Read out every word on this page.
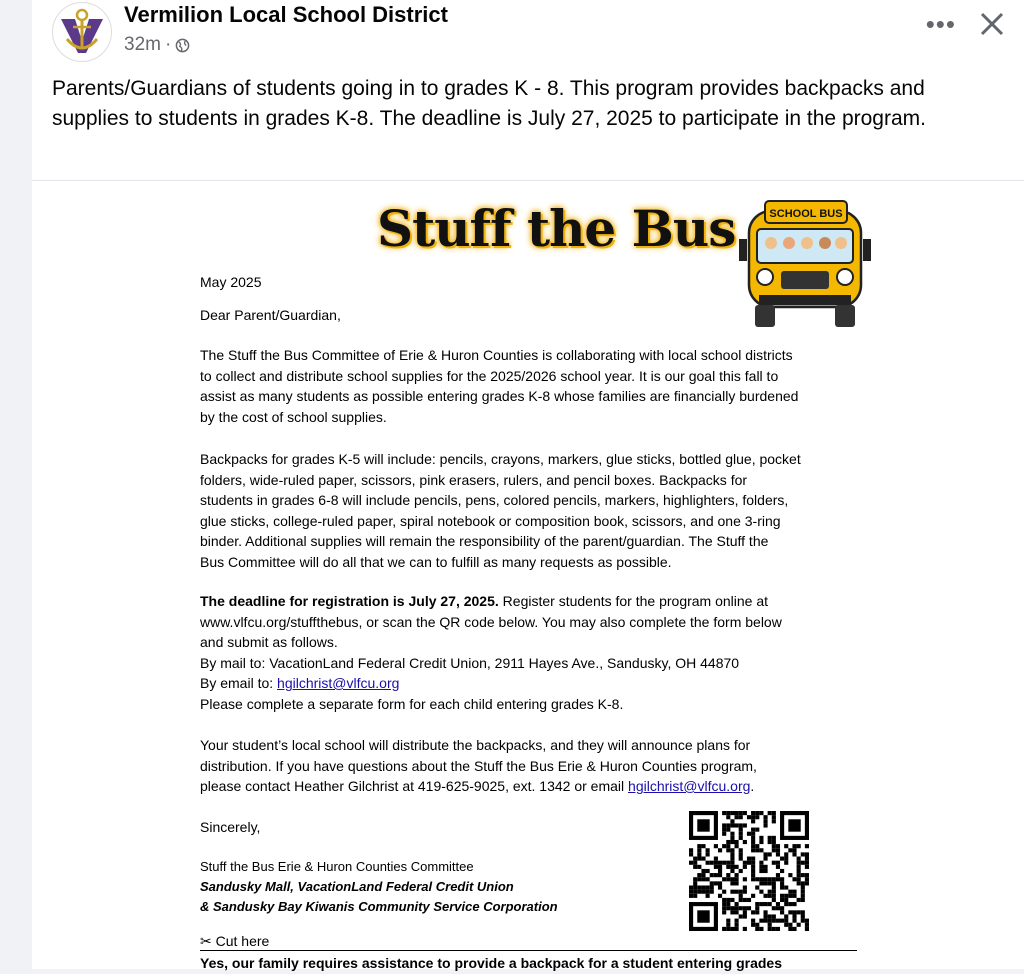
Vermilion Local School District
32m ·
•••
Parents/Guardians of students going in to grades K - 8. This program provides backpacks and supplies to students in grades K-8. The deadline is July 27, 2025 to participate in the program.
Stuff the Bus	SCHOOL BUS
May 2025
Dear Parent/Guardian,
The Stuff the Bus Committee of Erie & Huron Counties is collaborating with local school districts
to collect and distribute school supplies for the 2025/2026 school year. It is our goal this fall to
assist as many students as possible entering grades K-8 whose families are financially burdened
by the cost of school supplies.
Backpacks for grades K-5 will include: pencils, crayons, markers, glue sticks, bottled glue, pocket
folders, wide-ruled paper, scissors, pink erasers, rulers, and pencil boxes. Backpacks for
students in grades 6-8 will include pencils, pens, colored pencils, markers, highlighters, folders,
glue sticks, college-ruled paper, spiral notebook or composition book, scissors, and one 3-ring
binder. Additional supplies will remain the responsibility of the parent/guardian. The Stuff the
Bus Committee will do all that we can to fulfill as many requests as possible.
The deadline for registration is July 27, 2025. Register students for the program online at
www.vlfcu.org/stuffthebus, or scan the QR code below. You may also complete the form below
and submit as follows.
By mail to: VacationLand Federal Credit Union, 2911 Hayes Ave., Sandusky, OH 44870
By email to: hgilchrist@vlfcu.org
Please complete a separate form for each child entering grades K-8.
Your student’s local school will distribute the backpacks, and they will announce plans for
distribution. If you have questions about the Stuff the Bus Erie & Huron Counties program,
please contact Heather Gilchrist at 419-625-9025, ext. 1342 or email hgilchrist@vlfcu.org.
Sincerely,
Stuff the Bus Erie & Huron Counties Committee
Sandusky Mall, VacationLand Federal Credit Union
& Sandusky Bay Kiwanis Community Service Corporation
✂ Cut here
Yes, our family requires assistance to provide a backpack for a student entering grades
